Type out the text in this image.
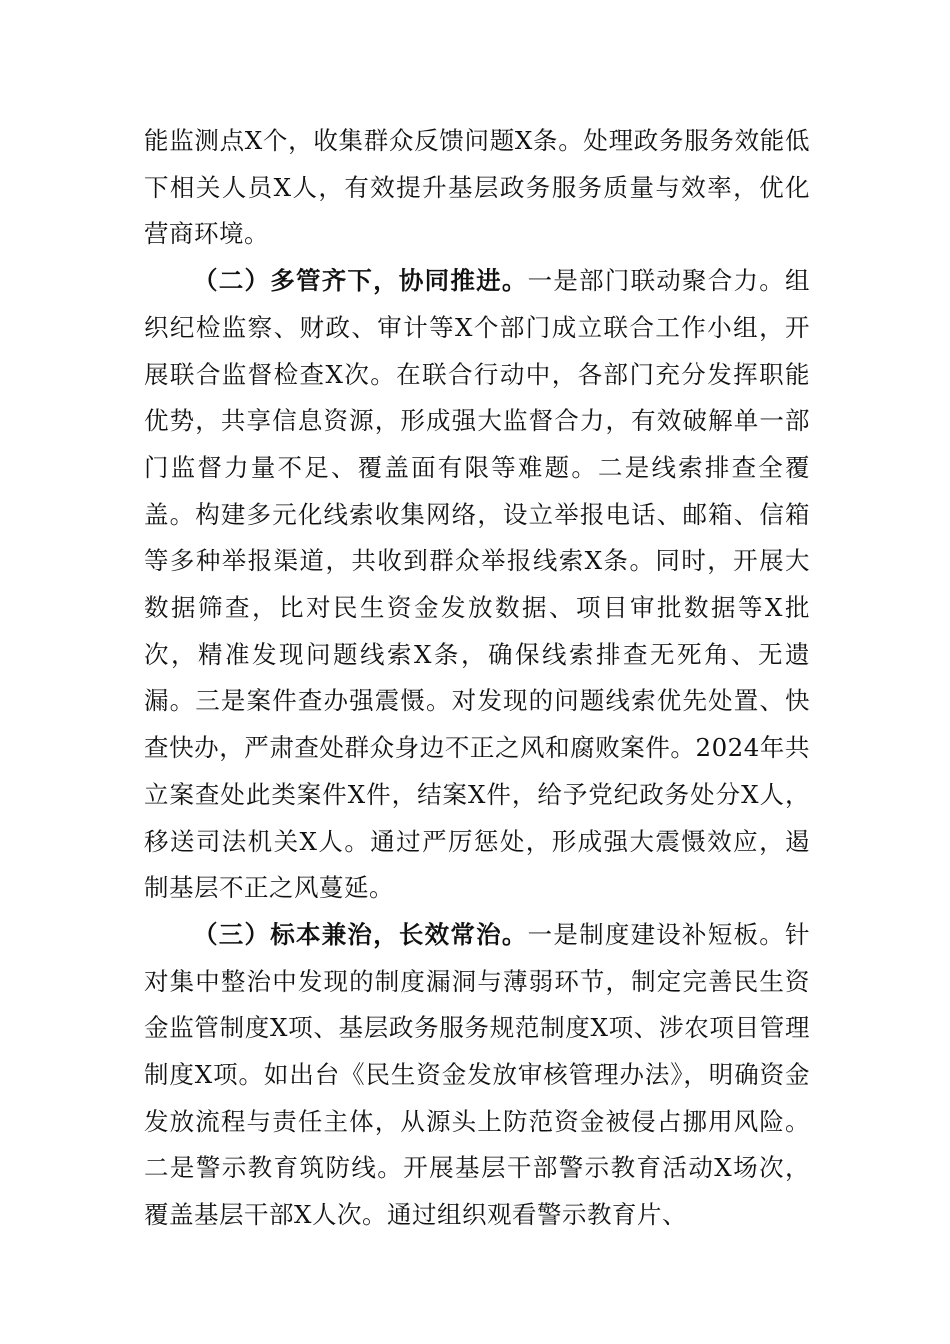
能监测点X个，收集群众反馈问题X条。处理政务服务效能低下相关人员X人，有效提升基层政务服务质量与效率，优化营商环境。

（二）多管齐下，协同推进。一是部门联动聚合力。组织纪检监察、财政、审计等X个部门成立联合工作小组，开展联合监督检查X次。在联合行动中，各部门充分发挥职能优势，共享信息资源，形成强大监督合力，有效破解单一部门监督力量不足、覆盖面有限等难题。二是线索排查全覆盖。构建多元化线索收集网络，设立举报电话、邮箱、信箱等多种举报渠道，共收到群众举报线索X条。同时，开展大数据筛查，比对民生资金发放数据、项目审批数据等X批次，精准发现问题线索X条，确保线索排查无死角、无遗漏。三是案件查办强震慑。对发现的问题线索优先处置、快查快办，严肃查处群众身边不正之风和腐败案件。2024年共立案查处此类案件X件，结案X件，给予党纪政务处分X人，移送司法机关X人。通过严厉惩处，形成强大震慑效应，遏制基层不正之风蔓延。

（三）标本兼治，长效常治。一是制度建设补短板。针对集中整治中发现的制度漏洞与薄弱环节，制定完善民生资金监管制度X项、基层政务服务规范制度X项、涉农项目管理制度X项。如出台《民生资金发放审核管理办法》，明确资金发放流程与责任主体，从源头上防范资金被侵占挪用风险。二是警示教育筑防线。开展基层干部警示教育活动X场次，覆盖基层干部X人次。通过组织观看警示教育片、
